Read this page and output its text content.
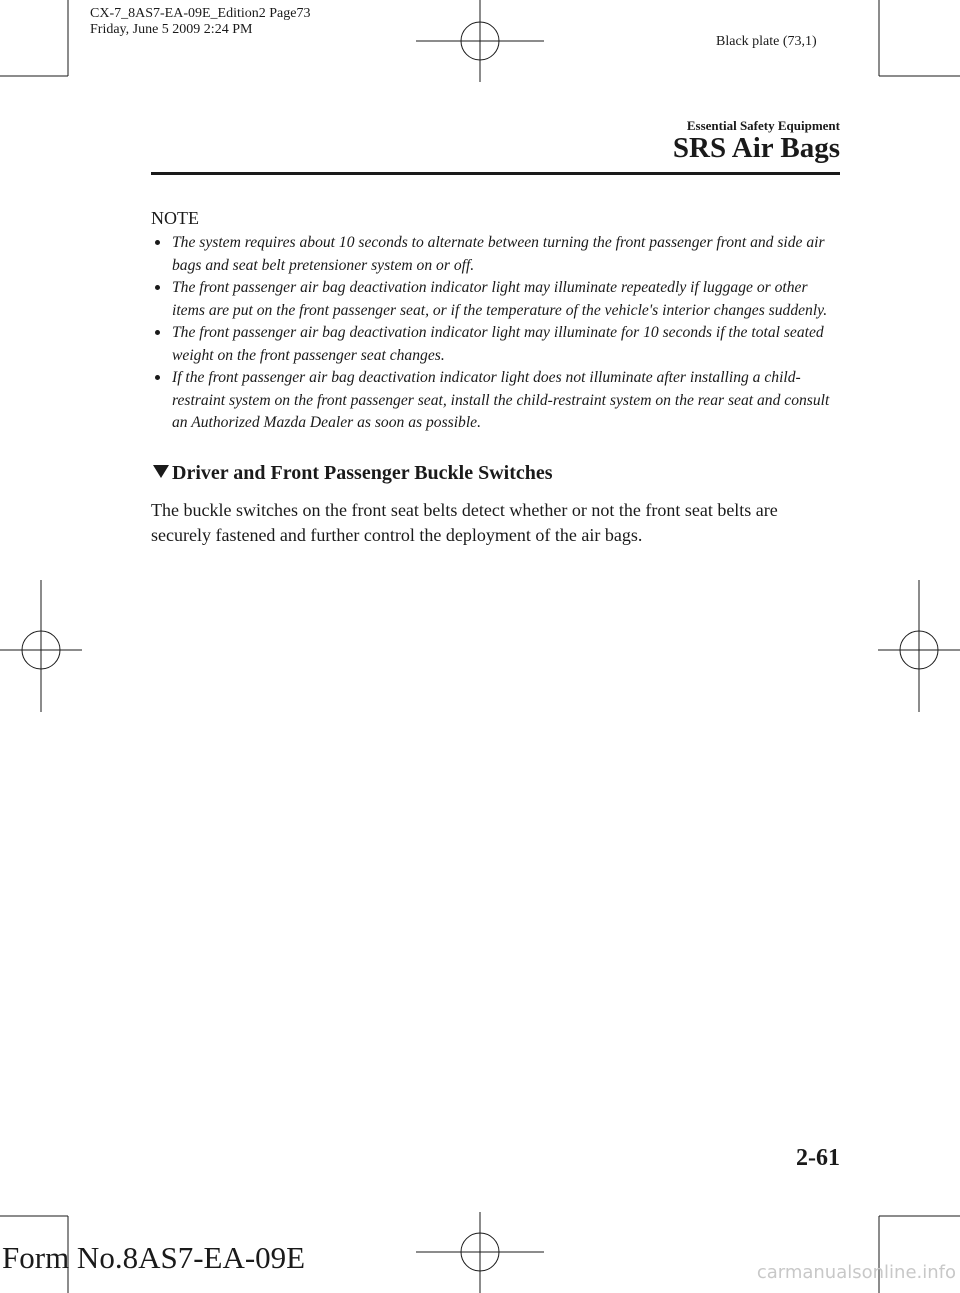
CX-7_8AS7-EA-09E_Edition2 Page73
Friday, June 5 2009 2:24 PM
Black plate (73,1)
Essential Safety Equipment
SRS Air Bags
NOTE
The system requires about 10 seconds to alternate between turning the front passenger front and side air bags and seat belt pretensioner system on or off.
The front passenger air bag deactivation indicator light may illuminate repeatedly if luggage or other items are put on the front passenger seat, or if the temperature of the vehicle's interior changes suddenly.
The front passenger air bag deactivation indicator light may illuminate for 10 seconds if the total seated weight on the front passenger seat changes.
If the front passenger air bag deactivation indicator light does not illuminate after installing a child-restraint system on the front passenger seat, install the child-restraint system on the rear seat and consult an Authorized Mazda Dealer as soon as possible.
Driver and Front Passenger Buckle Switches
The buckle switches on the front seat belts detect whether or not the front seat belts are securely fastened and further control the deployment of the air bags.
2-61
Form No.8AS7-EA-09E	carmanualsonline.info
